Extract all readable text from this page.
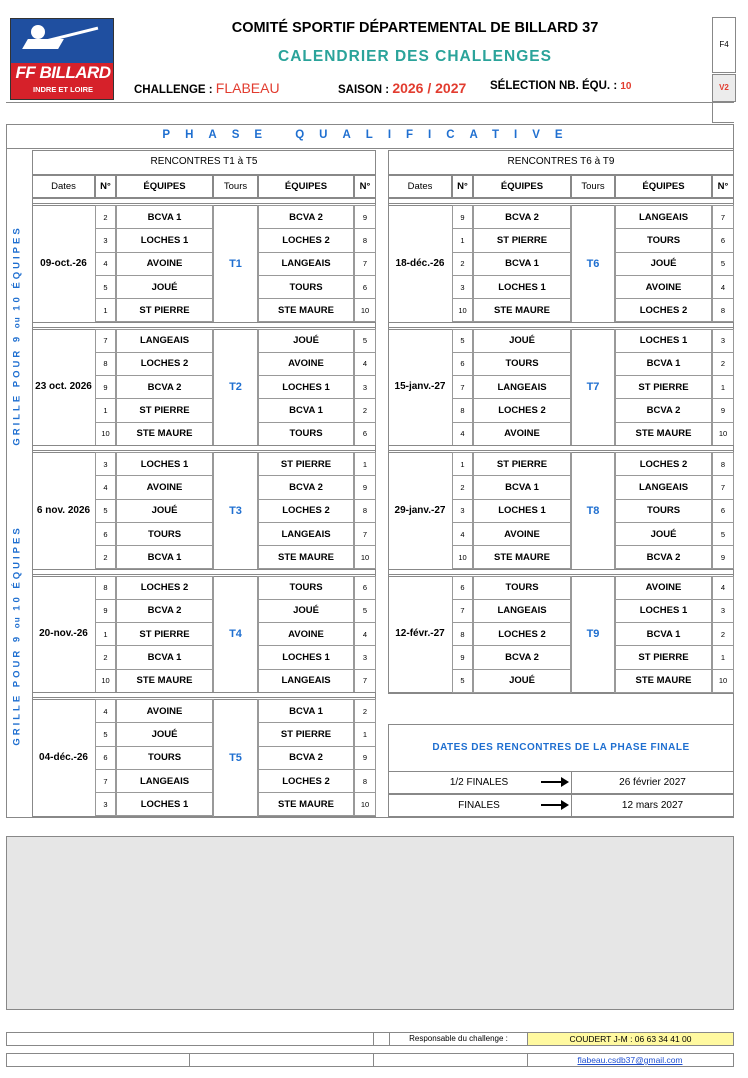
FF BILLARD
INDRE ET LOIRE
COMITÉ SPORTIF DÉPARTEMENTAL DE BILLARD 37
CALENDRIER DES CHALLENGES
CHALLENGE : FLABEAU	SAISON : 2026 / 2027 SÉLECTION NB. ÉQU. : 10
F4
V2
PHASE QUALIFICATIVE
GRILLE POUR 9 ou 10 ÉQUIPES
GRILLE POUR 9 ou 10 ÉQUIPES
RENCONTRES T1 à T5
Dates	N°	ÉQUIPES	Tours	ÉQUIPES	N°
09-oct.-26	T1
2	BCVA 1	BCVA 2	9
3	LOCHES 1	LOCHES 2	8
4	AVOINE	LANGEAIS	7
5	JOUÉ	TOURS	6
1	ST PIERRE	STE MAURE	10
23 oct. 2026	T2
7	LANGEAIS	JOUÉ	5
8	LOCHES 2	AVOINE	4
9	BCVA 2	LOCHES 1	3
1	ST PIERRE	BCVA 1	2
10	STE MAURE	TOURS	6
6 nov. 2026	T3
3	LOCHES 1	ST PIERRE	1
4	AVOINE	BCVA 2	9
5	JOUÉ	LOCHES 2	8
6	TOURS	LANGEAIS	7
2	BCVA 1	STE MAURE	10
20-nov.-26	T4
8	LOCHES 2	TOURS	6
9	BCVA 2	JOUÉ	5
1	ST PIERRE	AVOINE	4
2	BCVA 1	LOCHES 1	3
10	STE MAURE	LANGEAIS	7
04-déc.-26	T5
4	AVOINE	BCVA 1	2
5	JOUÉ	ST PIERRE	1
6	TOURS	BCVA 2	9
7	LANGEAIS	LOCHES 2	8
3	LOCHES 1	STE MAURE	10
RENCONTRES T6 à T9
Dates	N°	ÉQUIPES	Tours	ÉQUIPES	N°
18-déc.-26	T6
9	BCVA 2	LANGEAIS	7
1	ST PIERRE	TOURS	6
2	BCVA 1	JOUÉ	5
3	LOCHES 1	AVOINE	4
10	STE MAURE	LOCHES 2	8
15-janv.-27	T7
5	JOUÉ	LOCHES 1	3
6	TOURS	BCVA 1	2
7	LANGEAIS	ST PIERRE	1
8	LOCHES 2	BCVA 2	9
4	AVOINE	STE MAURE	10
29-janv.-27	T8
1	ST PIERRE	LOCHES 2	8
2	BCVA 1	LANGEAIS	7
3	LOCHES 1	TOURS	6
4	AVOINE	JOUÉ	5
10	STE MAURE	BCVA 2	9
12-févr.-27	T9
6	TOURS	AVOINE	4
7	LANGEAIS	LOCHES 1	3
8	LOCHES 2	BCVA 1	2
9	BCVA 2	ST PIERRE	1
5	JOUÉ	STE MAURE	10
DATES DES RENCONTRES DE LA PHASE FINALE
1/2 FINALES	26 février 2027
FINALES	12 mars 2027
Responsable du challenge :	COUDERT J-M : 06 63 34 41 00
flabeau.csdb37@gmail.com
